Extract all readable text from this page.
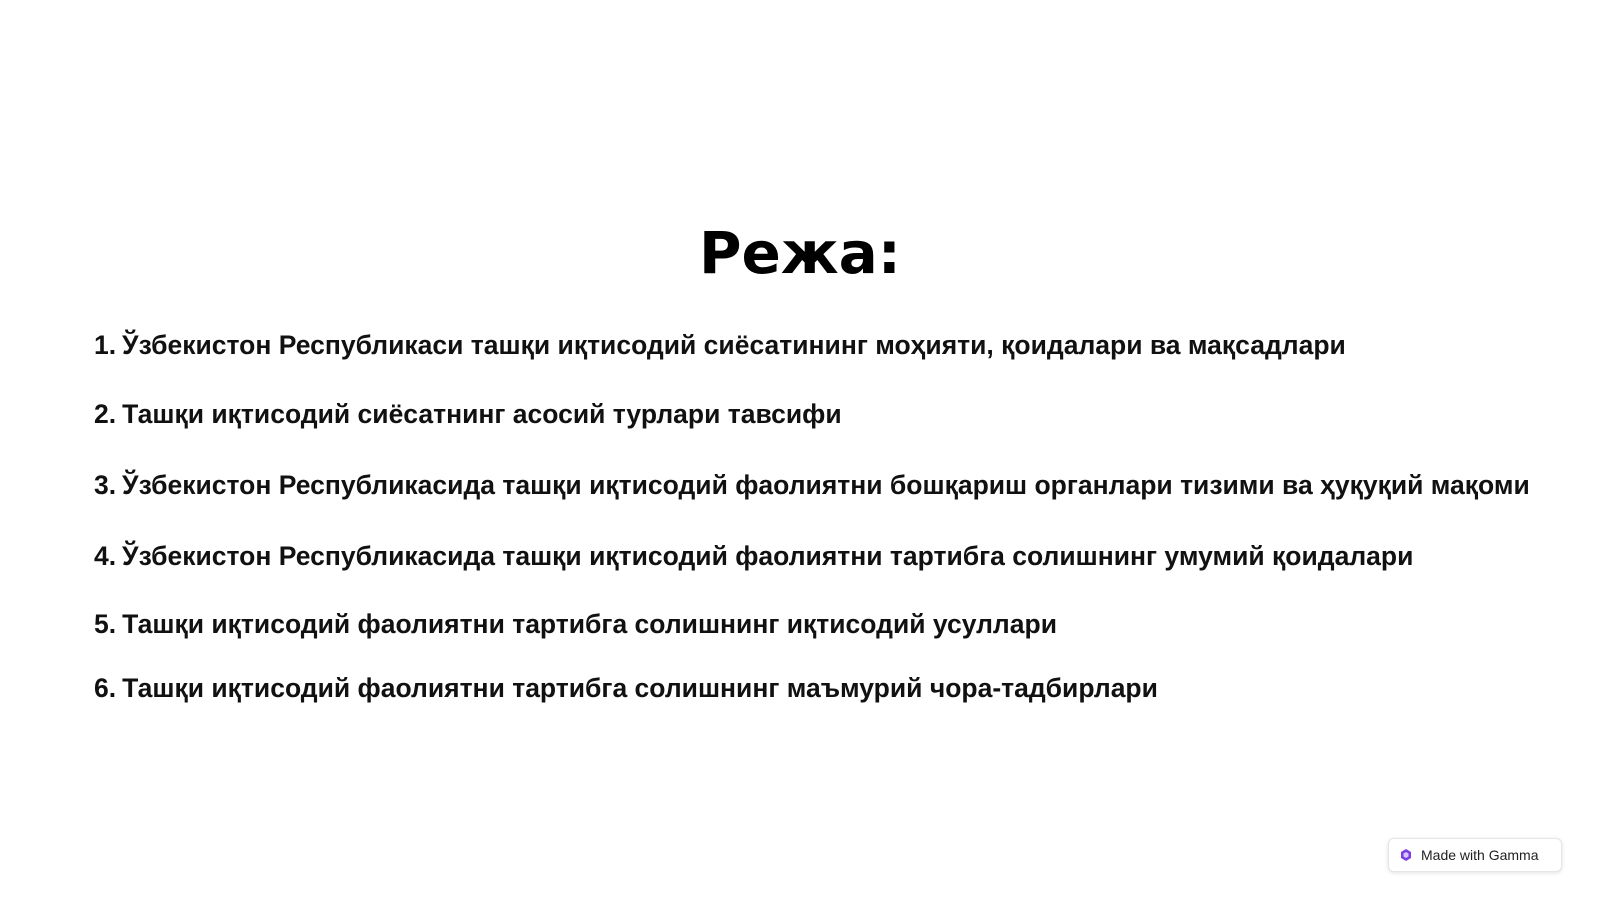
Режа:
1. Ўзбекистон Республикаси ташқи иқтисодий сиёсатининг моҳияти, қоидалари ва мақсадлари
2. Ташқи иқтисодий сиёсатнинг асосий турлари тавсифи
3. Ўзбекистон Республикасида ташқи иқтисодий фаолиятни бошқариш органлари тизими ва ҳуқуқий мақоми
4. Ўзбекистон Республикасида ташқи иқтисодий фаолиятни тартибга солишнинг умумий қоидалари
5. Ташқи иқтисодий фаолиятни тартибга солишнинг иқтисодий усуллари
6. Ташқи иқтисодий фаолиятни тартибга солишнинг маъмурий чора-тадбирлари
Made with Gamma
